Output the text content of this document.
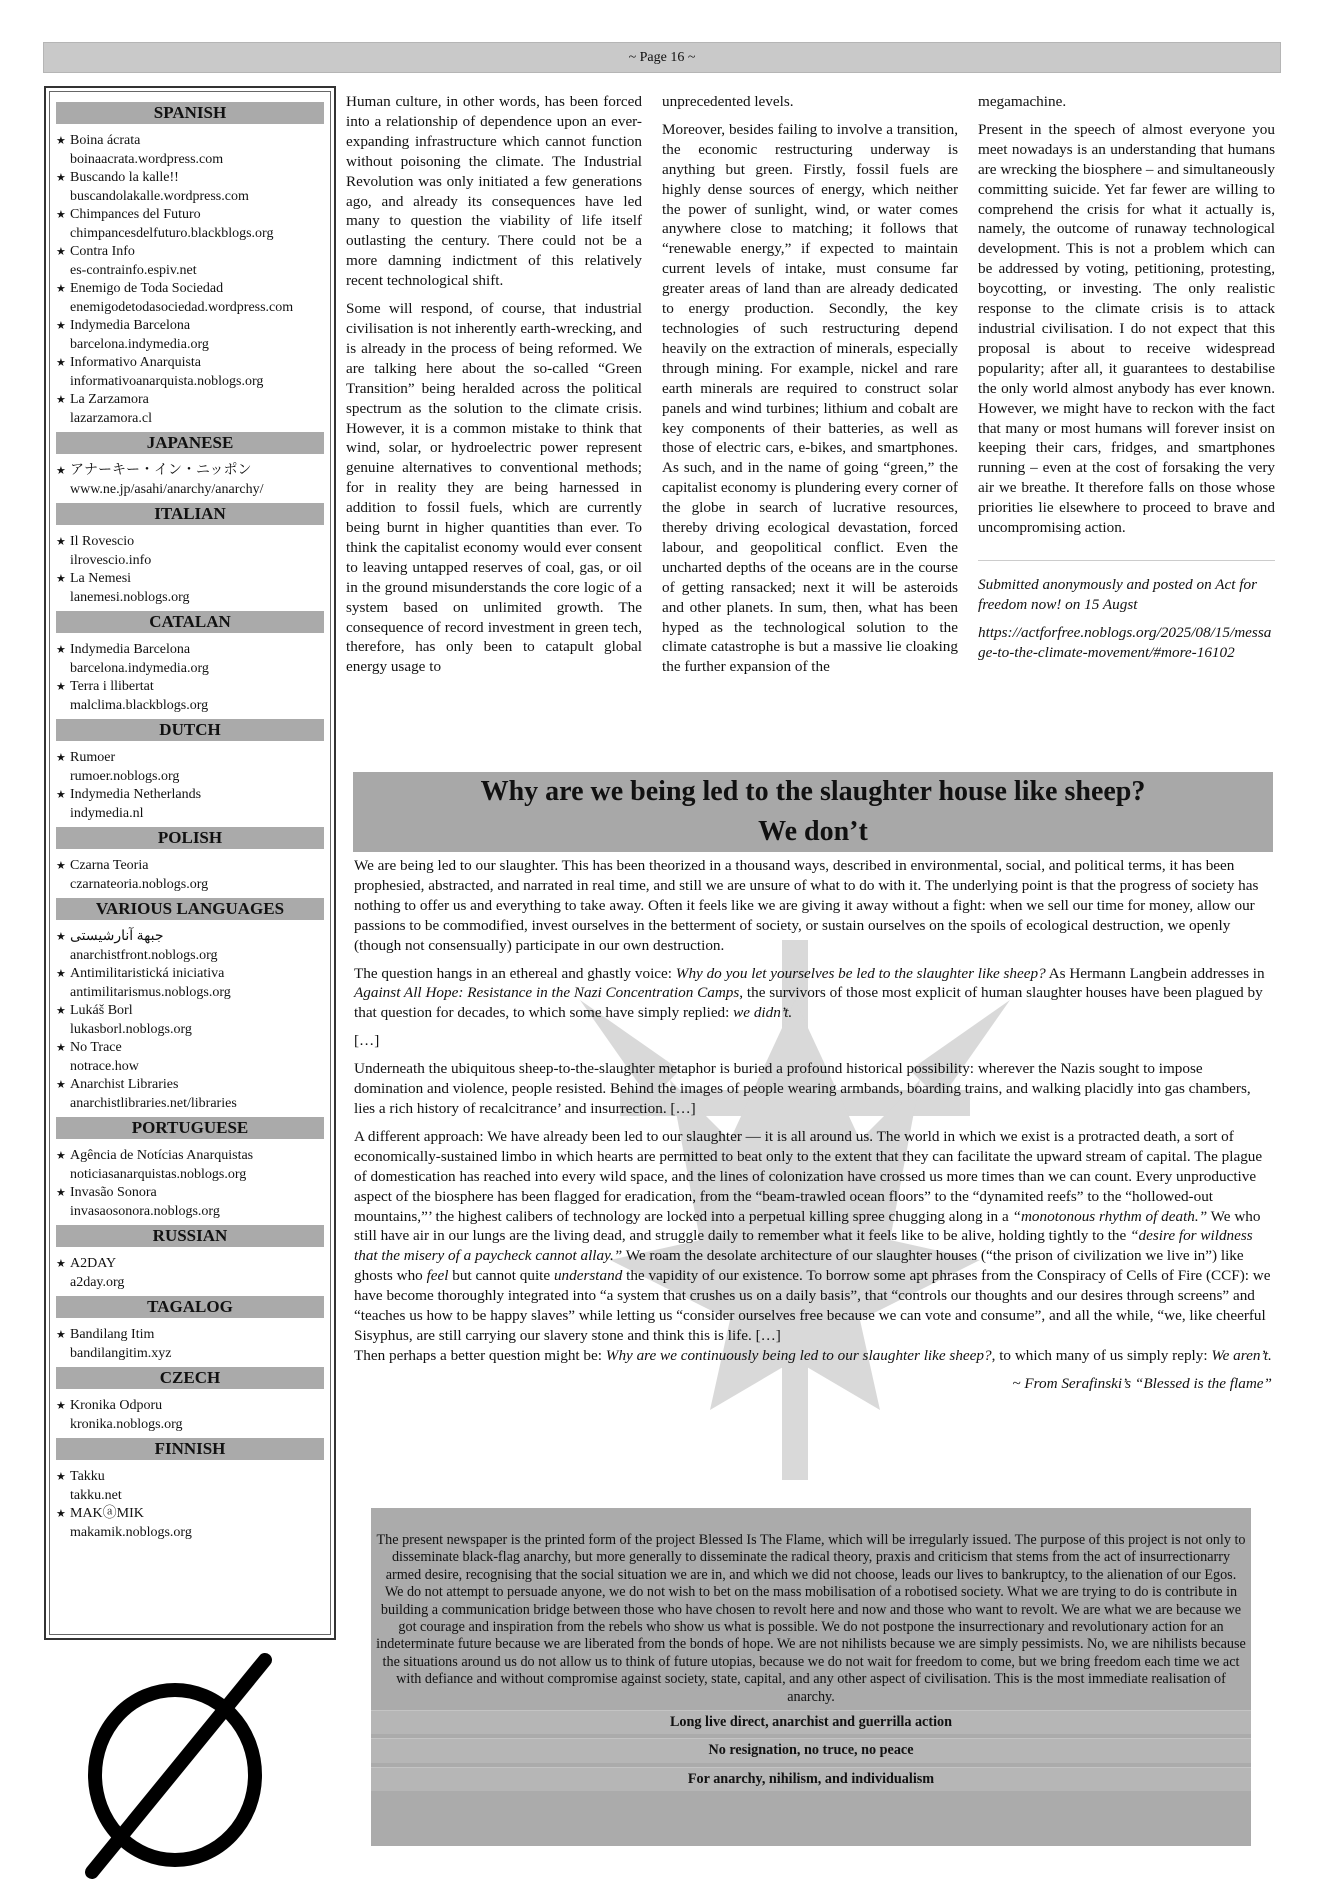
~ Page 16 ~
SPANISH
★ Boina ácrata
boinaacrata.wordpress.com
★ Buscando la kalle!!
buscandolakalle.wordpress.com
★ Chimpances del Futuro
chimpancesdelfuturo.blackblogs.org
★ Contra Info
es-contrainfo.espiv.net
★ Enemigo de Toda Sociedad
enemigodetodasociedad.wordpress.com
★ Indymedia Barcelona
barcelona.indymedia.org
★ Informativo Anarquista
informativoanarquista.noblogs.org
★ La Zarzamora
lazarzamora.cl
JAPANESE
★ アナーキー・イン・ニッポン
www.ne.jp/asahi/anarchy/anarchy/
ITALIAN
★ Il Rovescio
ilrovescio.info
★ La Nemesi
lanemesi.noblogs.org
CATALAN
★ Indymedia Barcelona
barcelona.indymedia.org
★ Terra i llibertat
malclima.blackblogs.org
DUTCH
★ Rumoer
rumoer.noblogs.org
★ Indymedia Netherlands
indymedia.nl
POLISH
★ Czarna Teoria
czarnateoria.noblogs.org
VARIOUS LANGUAGES
★ جبهة آنارشیستی
anarchistfront.noblogs.org
★ Antimilitaristická iniciativa
antimilitarismus.noblogs.org
★ Lukáš Borl
lukasborl.noblogs.org
★ No Trace
notrace.how
★ Anarchist Libraries
anarchistlibraries.net/libraries
PORTUGUESE
★ Agência de Notícias Anarquistas
noticiasanarquistas.noblogs.org
★ Invasão Sonora
invasaosonora.noblogs.org
RUSSIAN
★ A2DAY
a2day.org
TAGALOG
★ Bandilang Itim
bandilangitim.xyz
CZECH
★ Kronika Odporu
kronika.noblogs.org
FINNISH
★ Takku
takku.net
★ MAKⓐMIK
makamik.noblogs.org

Human culture, in other words, has been forced into a relationship of dependence upon an ever-expanding infrastructure which cannot function without poisoning the climate. The Industrial Revolution was only initiated a few generations ago, and already its consequences have led many to question the viability of life itself outlasting the century. There could not be a more damning indictment of this relatively recent technological shift.

Some will respond, of course, that industrial civilisation is not inherently earth-wrecking, and is already in the process of being reformed. We are talking here about the so-called “Green Transition” being heralded across the political spectrum as the solution to the climate crisis. However, it is a common mistake to think that wind, solar, or hydroelectric power represent genuine alternatives to conventional methods; for in reality they are being harnessed in addition to fossil fuels, which are currently being burnt in higher quantities than ever. To think the capitalist economy would ever consent to leaving untapped reserves of coal, gas, or oil in the ground misunderstands the core logic of a system based on unlimited growth. The consequence of record investment in green tech, therefore, has only been to catapult global energy usage to

unprecedented levels.

Moreover, besides failing to involve a transition, the economic restructuring underway is anything but green. Firstly, fossil fuels are highly dense sources of energy, which neither the power of sunlight, wind, or water comes anywhere close to matching; it follows that “renewable energy,” if expected to maintain current levels of intake, must consume far greater areas of land than are already dedicated to energy production. Secondly, the key technologies of such restructuring depend heavily on the extraction of minerals, especially through mining. For example, nickel and rare earth minerals are required to construct solar panels and wind turbines; lithium and cobalt are key components of their batteries, as well as those of electric cars, e-bikes, and smartphones. As such, and in the name of going “green,” the capitalist economy is plundering every corner of the globe in search of lucrative resources, thereby driving ecological devastation, forced labour, and geopolitical conflict. Even the uncharted depths of the oceans are in the course of getting ransacked; next it will be asteroids and other planets. In sum, then, what has been hyped as the technological solution to the climate catastrophe is but a massive lie cloaking the further expansion of the

megamachine.

Present in the speech of almost everyone you meet nowadays is an understanding that humans are wrecking the biosphere – and simultaneously committing suicide. Yet far fewer are willing to comprehend the crisis for what it actually is, namely, the outcome of runaway technological development. This is not a problem which can be addressed by voting, petitioning, protesting, boycotting, or investing. The only realistic response to the climate crisis is to attack industrial civilisation. I do not expect that this proposal is about to receive widespread popularity; after all, it guarantees to destabilise the only world almost anybody has ever known. However, we might have to reckon with the fact that many or most humans will forever insist on keeping their cars, fridges, and smartphones running – even at the cost of forsaking the very air we breathe. It therefore falls on those whose priorities lie elsewhere to proceed to brave and uncompromising action.

Submitted anonymously and posted on Act for freedom now! on 15 Augst

https://actforfree.noblogs.org/2025/08/15/message-to-the-climate-movement/#more-16102

Why are we being led to the slaughter house like sheep?
We don’t

We are being led to our slaughter. This has been theorized in a thousand ways, described in environmental, social, and political terms, it has been prophesied, abstracted, and narrated in real time, and still we are unsure of what to do with it. The underlying point is that the progress of society has nothing to offer us and everything to take away. Often it feels like we are giving it away without a fight: when we sell our time for money, allow our passions to be commodified, invest ourselves in the betterment of society, or sustain ourselves on the spoils of ecological destruction, we openly (though not consensually) participate in our own destruction.

The question hangs in an ethereal and ghastly voice: Why do you let yourselves be led to the slaughter like sheep? As Hermann Langbein addresses in Against All Hope: Resistance in the Nazi Concentration Camps, the survivors of those most explicit of human slaughter houses have been plagued by that question for decades, to which some have simply replied: we didn’t.

[…]

Underneath the ubiquitous sheep-to-the-slaughter metaphor is buried a profound historical possibility: wherever the Nazis sought to impose domination and violence, people resisted. Behind the images of people wearing armbands, boarding trains, and walking placidly into gas chambers, lies a rich history of recalcitrance’ and insurrection. […]

A different approach: We have already been led to our slaughter — it is all around us. The world in which we exist is a protracted death, a sort of economically-sustained limbo in which hearts are permitted to beat only to the extent that they can facilitate the upward stream of capital. The plague of domestication has reached into every wild space, and the lines of colonization have crossed us more times than we can count. Every unproductive aspect of the biosphere has been flagged for eradication, from the “beam-trawled ocean floors” to the “dynamited reefs” to the “hollowed-out mountains,”’ the highest calibers of technology are locked into a perpetual killing spree chugging along in a “monotonous rhythm of death.” We who still have air in our lungs are the living dead, and struggle daily to remember what it feels like to be alive, holding tightly to the “desire for wildness that the misery of a paycheck cannot allay.” We roam the desolate architecture of our slaughter houses (“the prison of civilization we live in”) like ghosts who feel but cannot quite understand the vapidity of our existence. To borrow some apt phrases from the Conspiracy of Cells of Fire (CCF): we have become thoroughly integrated into “a system that crushes us on a daily basis”, that “controls our thoughts and our desires through screens” and “teaches us how to be happy slaves” while letting us “consider ourselves free because we can vote and consume”, and all the while, “we, like cheerful Sisyphus, are still carrying our slavery stone and think this is life. […]

Then perhaps a better question might be: Why are we continuously being led to our slaughter like sheep?, to which many of us simply reply: We aren’t.

~ From Serafinski’s “Blessed is the flame”

The present newspaper is the printed form of the project Blessed Is The Flame, which will be irregularly issued. The purpose of this project is not only to disseminate black-flag anarchy, but more generally to disseminate the radical theory, praxis and criticism that stems from the act of insurrectionarry armed desire, recognising that the social situation we are in, and which we did not choose, leads our lives to bankruptcy, to the alienation of our Egos.

We do not attempt to persuade anyone, we do not wish to bet on the mass mobilisation of a robotised society. What we are trying to do is contribute in building a communication bridge between those who have chosen to revolt here and now and those who want to revolt. We are what we are because we got courage and inspiration from the rebels who show us what is possible. We do not postpone the insurrectionary and revolutionary action for an indeterminate future because we are liberated from the bonds of hope. We are not nihilists because we are simply pessimists. No, we are nihilists because the situations around us do not allow us to think of future utopias, because we do not wait for freedom to come, but we bring freedom each time we act with defiance and without compromise against society, state, capital, and any other aspect of civilisation. This is the most immediate realisation of anarchy.

Long live direct, anarchist and guerrilla action

No resignation, no truce, no peace

For anarchy, nihilism, and individualism
